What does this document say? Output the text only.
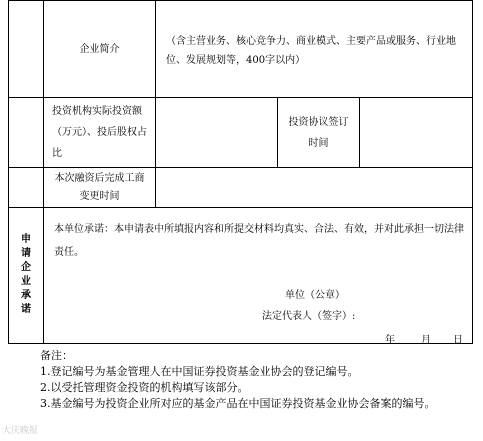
	企业简介	（含主营业务、核心竞争力、商业模式、主要产品或服务、行业地位、发展规划等，400字以内）		
	投资机构实际投资额（万元）、投后股权占比		投资协议签订时间	
	本次融资后完成工商变更时间			
申请企业承诺	本单位承诺：本申请表中所填报内容和所提交材料均真实、合法、有效，并对此承担一切法律责任。			
单位（公章）
法定代表人（签字）:
年	月 日
备注：
1.登记编号为基金管理人在中国证券投资基金业协会的登记编号。
2.以受托管理资金投资的机构填写该部分。
3.基金编号为投资企业所对应的基金产品在中国证券投资基金业协会备案的编号。
大庆晚报
